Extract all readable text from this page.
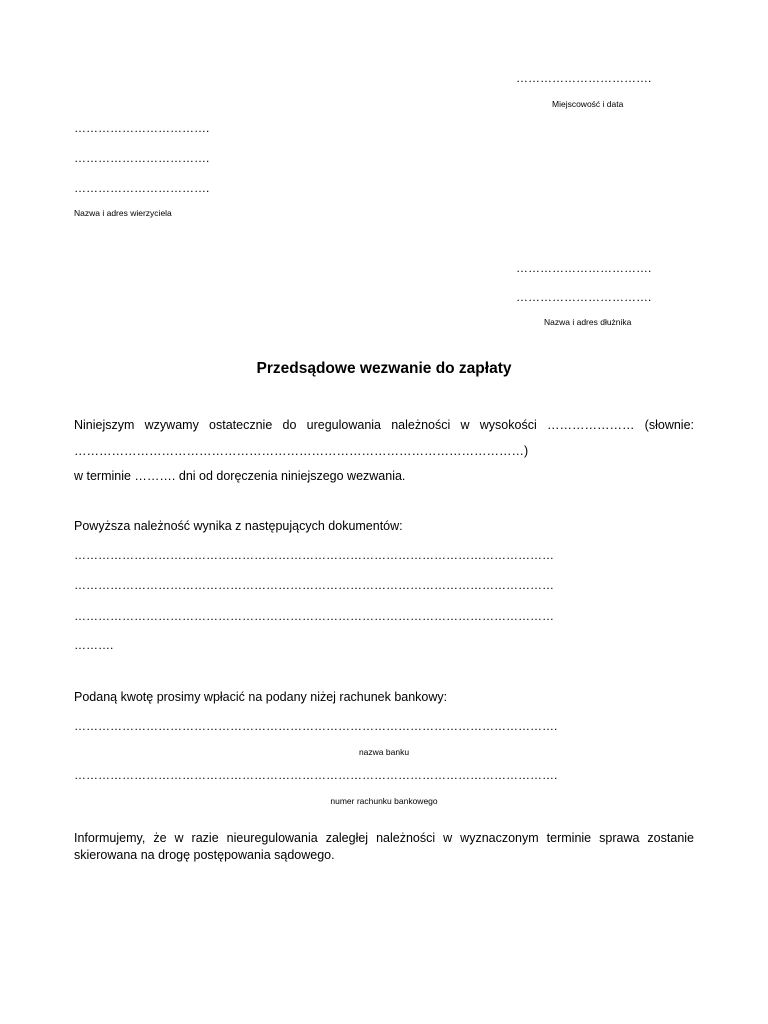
…………………………….
Miejscowość i data
…………………………….
…………………………….
…………………………….
Nazwa i adres wierzyciela
…………………………….
…………………………….
Nazwa i adres dłużnika
Przedsądowe wezwanie do zapłaty
Niniejszym wzywamy ostatecznie do uregulowania należności w wysokości ………………… (słownie:
………………………………………………………………………………………………)
w terminie ………. dni od doręczenia niniejszego wezwania.
Powyższa należność wynika z następujących dokumentów:
…………………………………………………………………………………………………………
…………………………………………………………………………………………………………
…………………………………………………………………………………………………………
……….
Podaną kwotę prosimy wpłacić na podany niżej rachunek bankowy:
………………………………………………………………………………………………………….
nazwa banku
………………………………………………………………………………………………………….
numer rachunku bankowego
Informujemy, że w razie nieuregulowania zaległej należności w wyznaczonym terminie sprawa zostanie
skierowana na drogę postępowania sądowego.
